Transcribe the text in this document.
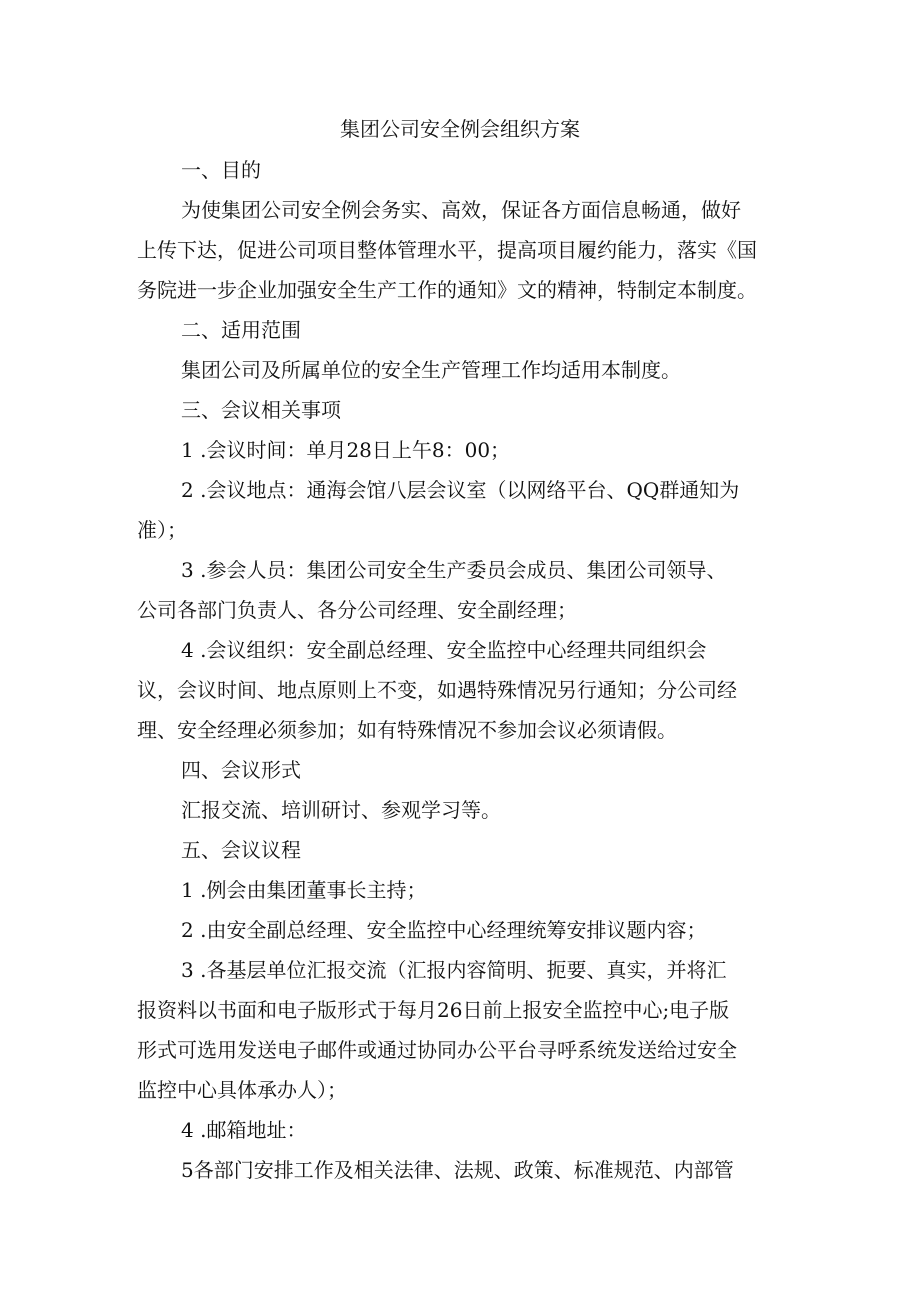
集团公司安全例会组织方案
一、目的
为使集团公司安全例会务实、高效，保证各方面信息畅通，做好
上传下达，促进公司项目整体管理水平，提高项目履约能力，落实《国
务院进一步企业加强安全生产工作的通知》文的精神，特制定本制度。
二、适用范围
集团公司及所属单位的安全生产管理工作均适用本制度。
三、会议相关事项
1 .会议时间：单月28日上午8：00；
2 .会议地点：通海会馆八层会议室（以网络平台、QQ群通知为
准）；
3 .参会人员：集团公司安全生产委员会成员、集团公司领导、
公司各部门负责人、各分公司经理、安全副经理；
4 .会议组织：安全副总经理、安全监控中心经理共同组织会
议，会议时间、地点原则上不变，如遇特殊情况另行通知；分公司经
理、安全经理必须参加；如有特殊情况不参加会议必须请假。
四、会议形式
汇报交流、培训研讨、参观学习等。
五、会议议程
1 .例会由集团董事长主持；
2 .由安全副总经理、安全监控中心经理统筹安排议题内容；
3 .各基层单位汇报交流（汇报内容简明、扼要、真实，并将汇
报资料以书面和电子版形式于每月26日前上报安全监控中心;电子版
形式可选用发送电子邮件或通过协同办公平台寻呼系统发送给过安全
监控中心具体承办人）；
4 .邮箱地址：
5各部门安排工作及相关法律、法规、政策、标准规范、内部管
